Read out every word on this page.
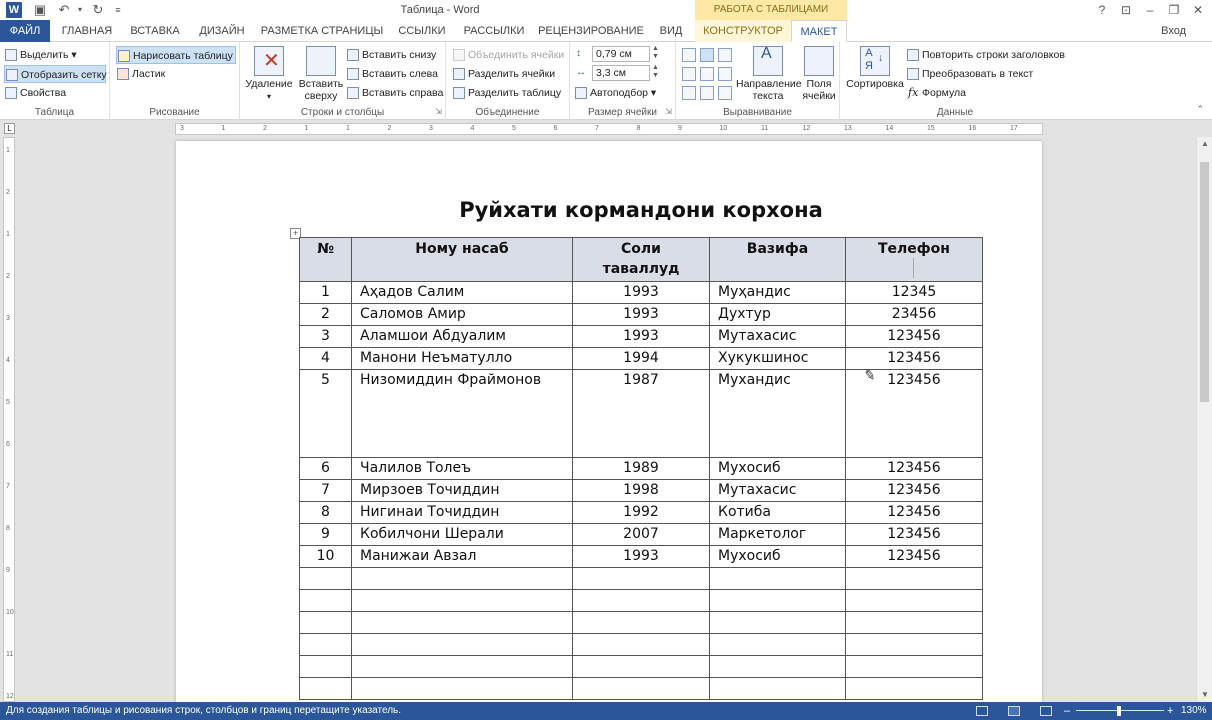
W ▣ ↶	▾ ↻	≡	Таблица - Word	РАБОТА С ТАБЛИЦАМИ	?	⊡	–	❐	✕
ФАЙЛ	ГЛАВНАЯ	ВСТАВКА	ДИЗАЙН	РАЗМЕТКА СТРАНИЦЫ	ССЫЛКИ	РАССЫЛКИ	РЕЦЕНЗИРОВАНИЕ	ВИД	КОНСТРУКТОР	МАКЕТ	Вход
Выделить ▾
Отобразить сетку
Свойства
Таблица
Нарисовать таблицу
Ластик
Рисование
✕
Удаление
▾
Вставить
сверху
Вставить снизу
Вставить слева
Вставить справа
Строки и столбцы	⇲
Объединить ячейки
Разделить ячейки
Разделить таблицу
Объединение
↕	0,79 см	▲
▼
↔ 3,3 см	▲
▼
Автоподбор ▾
Размер ячейки	⇲
A
Направление
текста
Поля
ячейки
Выравнивание
А
Я
↓
Сортировка
Повторить строки заголовков
Преобразовать в текст
fx Формула
Данные	⌃
L	3	1	2	1	1	2	3	4	5	6	7	8	9	10	11	12	13	14	15	16	17
1
2
1
2
3
4
5
6
7
8
9
10
11
12
Руйхати кормандони корхона
+
№	Ному насаб	Соли таваллуд	Вазифа	Телефон
1	Аҳадов Салим	1993	Муҳандис	12345
2	Саломов Амир	1993	Духтур	23456
3	Аламшои Абдуалим	1993	Мутахасис	123456
4	Манони Неъматулло	1994	Хукукшинос	123456
5	Низомиддин Фраймонов	1987	Мухандис	123456
6	Чалилов Толеъ	1989	Мухосиб	123456
7	Мирзоев Точиддин	1998	Мутахасис	123456
8	Нигинаи Точиддин	1992	Котиба	123456
9	Кобилчони Шерали	2007	Маркетолог	123456
10	Манижаи Авзал	1993	Мухосиб	123456

✎
▲
▼
Для создания таблицы и рисования строк, столбцов и границ перетащите указатель.	–	+ 130%
